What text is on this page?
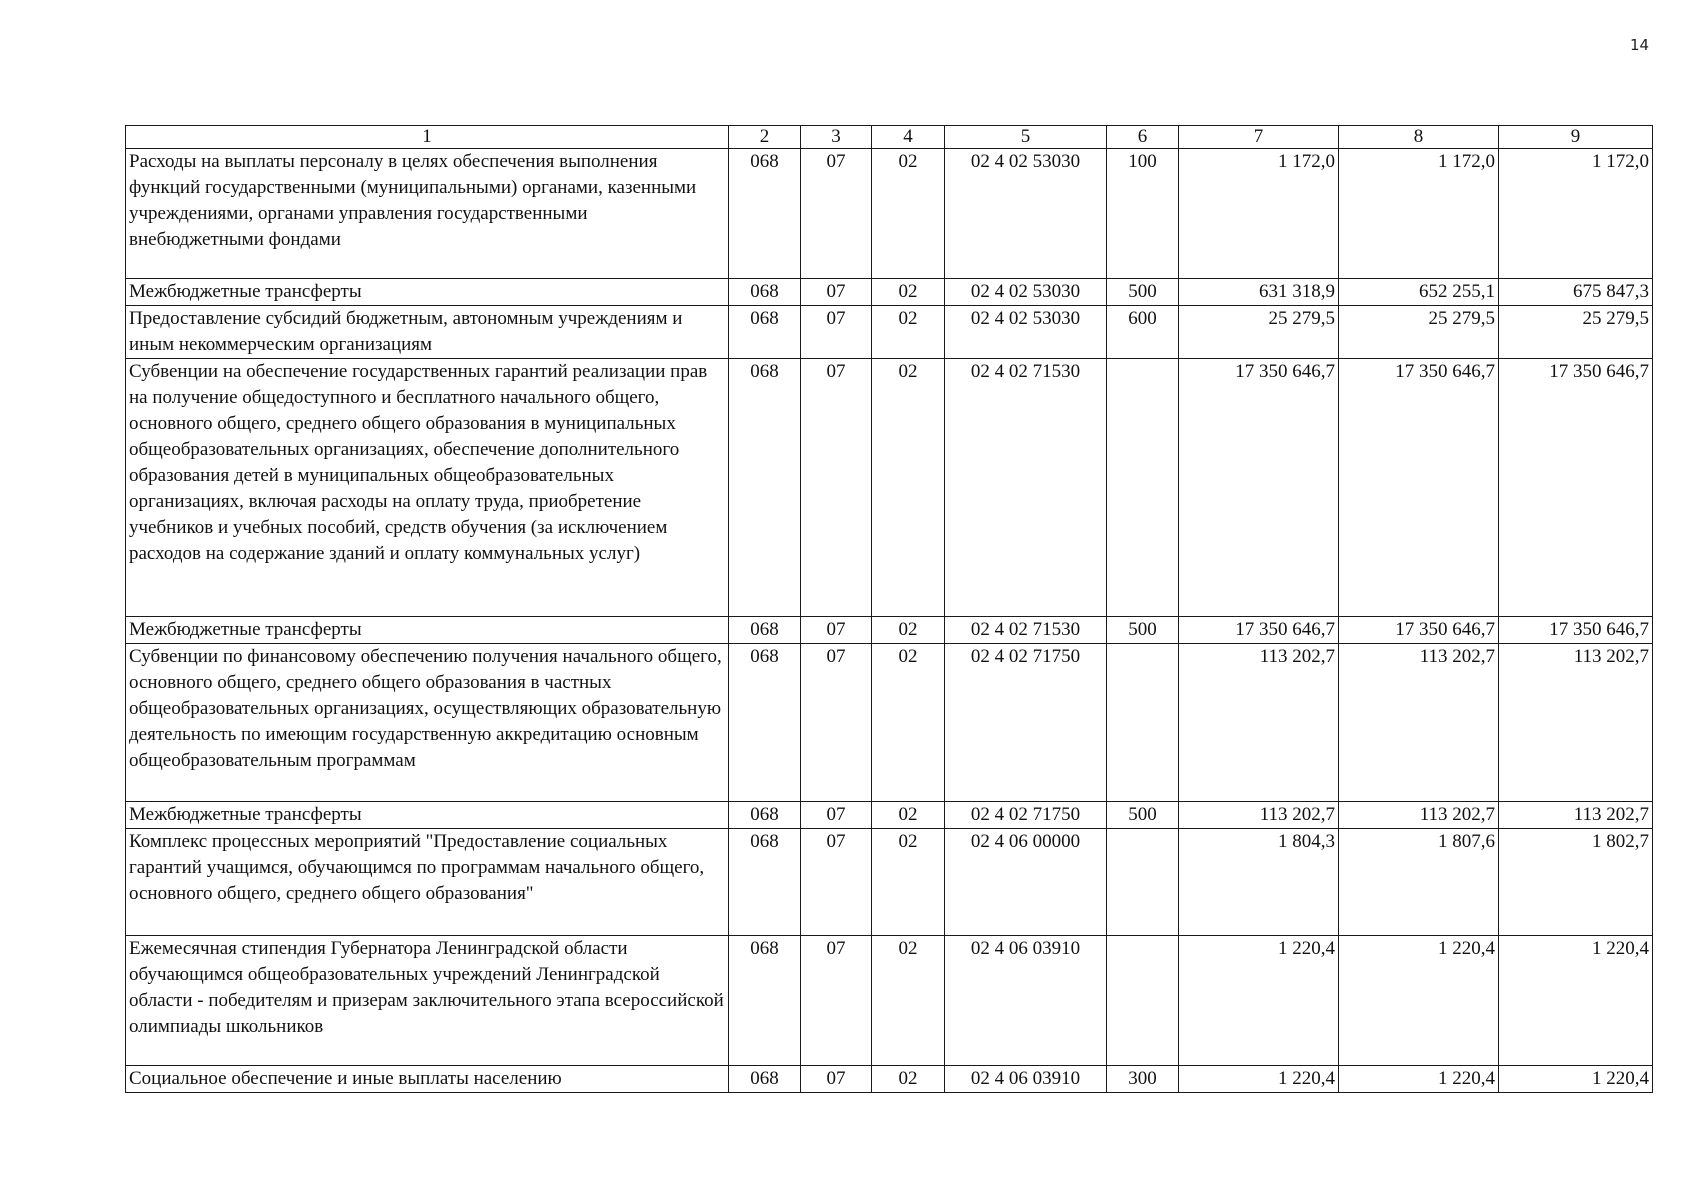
14
1	2	3	4	5	6	7	8	9
Расходы на выплаты персоналу в целях обеспечения выполнения функций государственными (муниципальными) органами, казенными учреждениями, органами управления государственными внебюджетными фондами	068	07	02	02 4 02 53030	100	1 172,0	1 172,0	1 172,0
Межбюджетные трансферты	068	07	02	02 4 02 53030	500	631 318,9	652 255,1	675 847,3
Предоставление субсидий бюджетным, автономным учреждениям и иным некоммерческим организациям	068	07	02	02 4 02 53030	600	25 279,5	25 279,5	25 279,5
Субвенции на обеспечение государственных гарантий реализации прав на получение общедоступного и бесплатного начального общего, основного общего, среднего общего образования в муниципальных общеобразовательных организациях, обеспечение дополнительного образования детей в муниципальных общеобразовательных организациях, включая расходы на оплату труда, приобретение учебников и учебных пособий, средств обучения (за исключением расходов на содержание зданий и оплату коммунальных услуг)	068	07	02	02 4 02 71530		17 350 646,7	17 350 646,7	17 350 646,7
Межбюджетные трансферты	068	07	02	02 4 02 71530	500	17 350 646,7	17 350 646,7	17 350 646,7
Субвенции по финансовому обеспечению получения начального общего, основного общего, среднего общего образования в частных общеобразовательных организациях, осуществляющих образовательную деятельность по имеющим государственную аккредитацию основным общеобразовательным программам	068	07	02	02 4 02 71750		113 202,7	113 202,7	113 202,7
Межбюджетные трансферты	068	07	02	02 4 02 71750	500	113 202,7	113 202,7	113 202,7
Комплекс процессных мероприятий "Предоставление социальных гарантий учащимся, обучающимся по программам начального общего, основного общего, среднего общего образования"	068	07	02	02 4 06 00000		1 804,3	1 807,6	1 802,7
Ежемесячная стипендия Губернатора Ленинградской области обучающимся общеобразовательных учреждений Ленинградской области - победителям и призерам заключительного этапа всероссийской олимпиады школьников	068	07	02	02 4 06 03910		1 220,4	1 220,4	1 220,4
Социальное обеспечение и иные выплаты населению	068	07	02	02 4 06 03910	300	1 220,4	1 220,4	1 220,4
